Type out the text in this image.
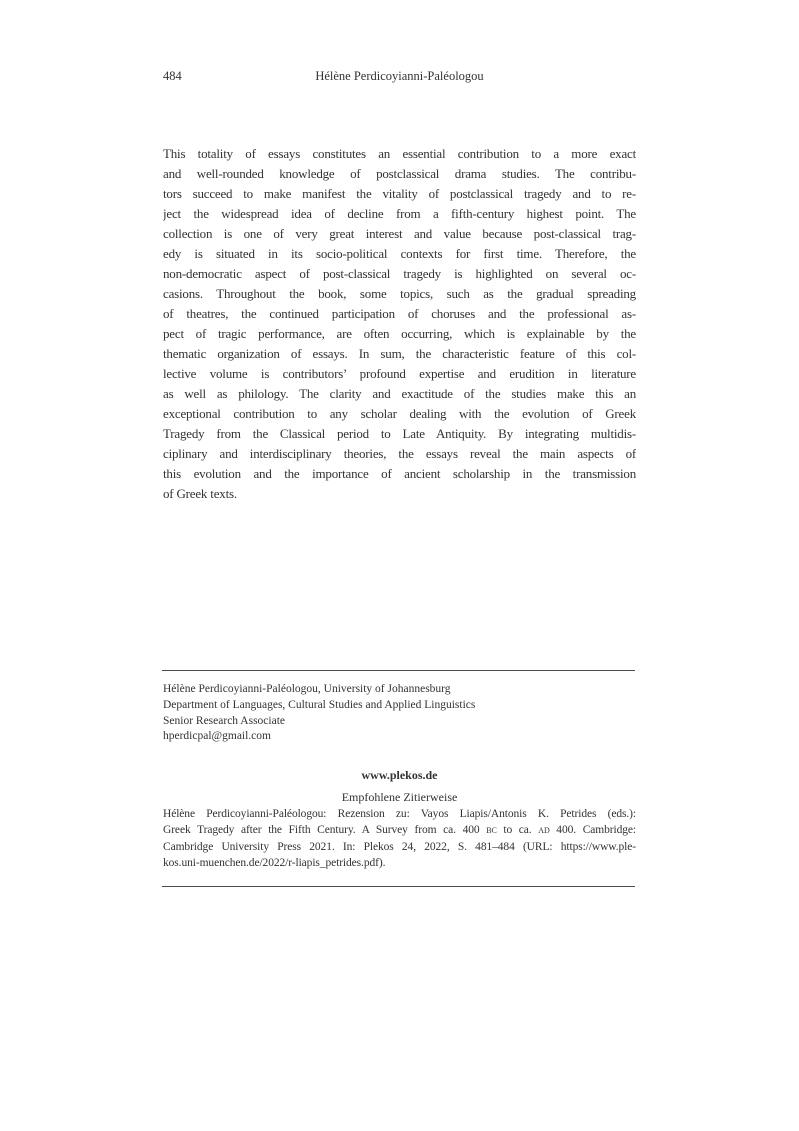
484	Hélène Perdicoyianni-Paléologou
This totality of essays constitutes an essential contribution to a more exact
and well-rounded knowledge of postclassical drama studies. The contribu-
tors succeed to make manifest the vitality of postclassical tragedy and to re-
ject the widespread idea of decline from a fifth-century highest point. The
collection is one of very great interest and value because post-classical trag-
edy is situated in its socio-political contexts for first time. Therefore, the
non-democratic aspect of post-classical tragedy is highlighted on several oc-
casions. Throughout the book, some topics, such as the gradual spreading
of theatres, the continued participation of choruses and the professional as-
pect of tragic performance, are often occurring, which is explainable by the
thematic organization of essays. In sum, the characteristic feature of this col-
lective volume is contributors’ profound expertise and erudition in literature
as well as philology. The clarity and exactitude of the studies make this an
exceptional contribution to any scholar dealing with the evolution of Greek
Tragedy from the Classical period to Late Antiquity. By integrating multidis-
ciplinary and interdisciplinary theories, the essays reveal the main aspects of
this evolution and the importance of ancient scholarship in the transmission
of Greek texts.
Hélène Perdicoyianni-Paléologou, University of Johannesburg
Department of Languages, Cultural Studies and Applied Linguistics
Senior Research Associate
hperdicpal@gmail.com
www.plekos.de
Empfohlene Zitierweise
Hélène Perdicoyianni-Paléologou: Rezension zu: Vayos Liapis/Antonis K. Petrides (eds.):
Greek Tragedy after the Fifth Century. A Survey from ca. 400 bc to ca. ad 400. Cambridge:
Cambridge University Press 2021. In: Plekos 24, 2022, S. 481–484 (URL: https://www.ple-
kos.uni-muenchen.de/2022/r-liapis_petrides.pdf).
